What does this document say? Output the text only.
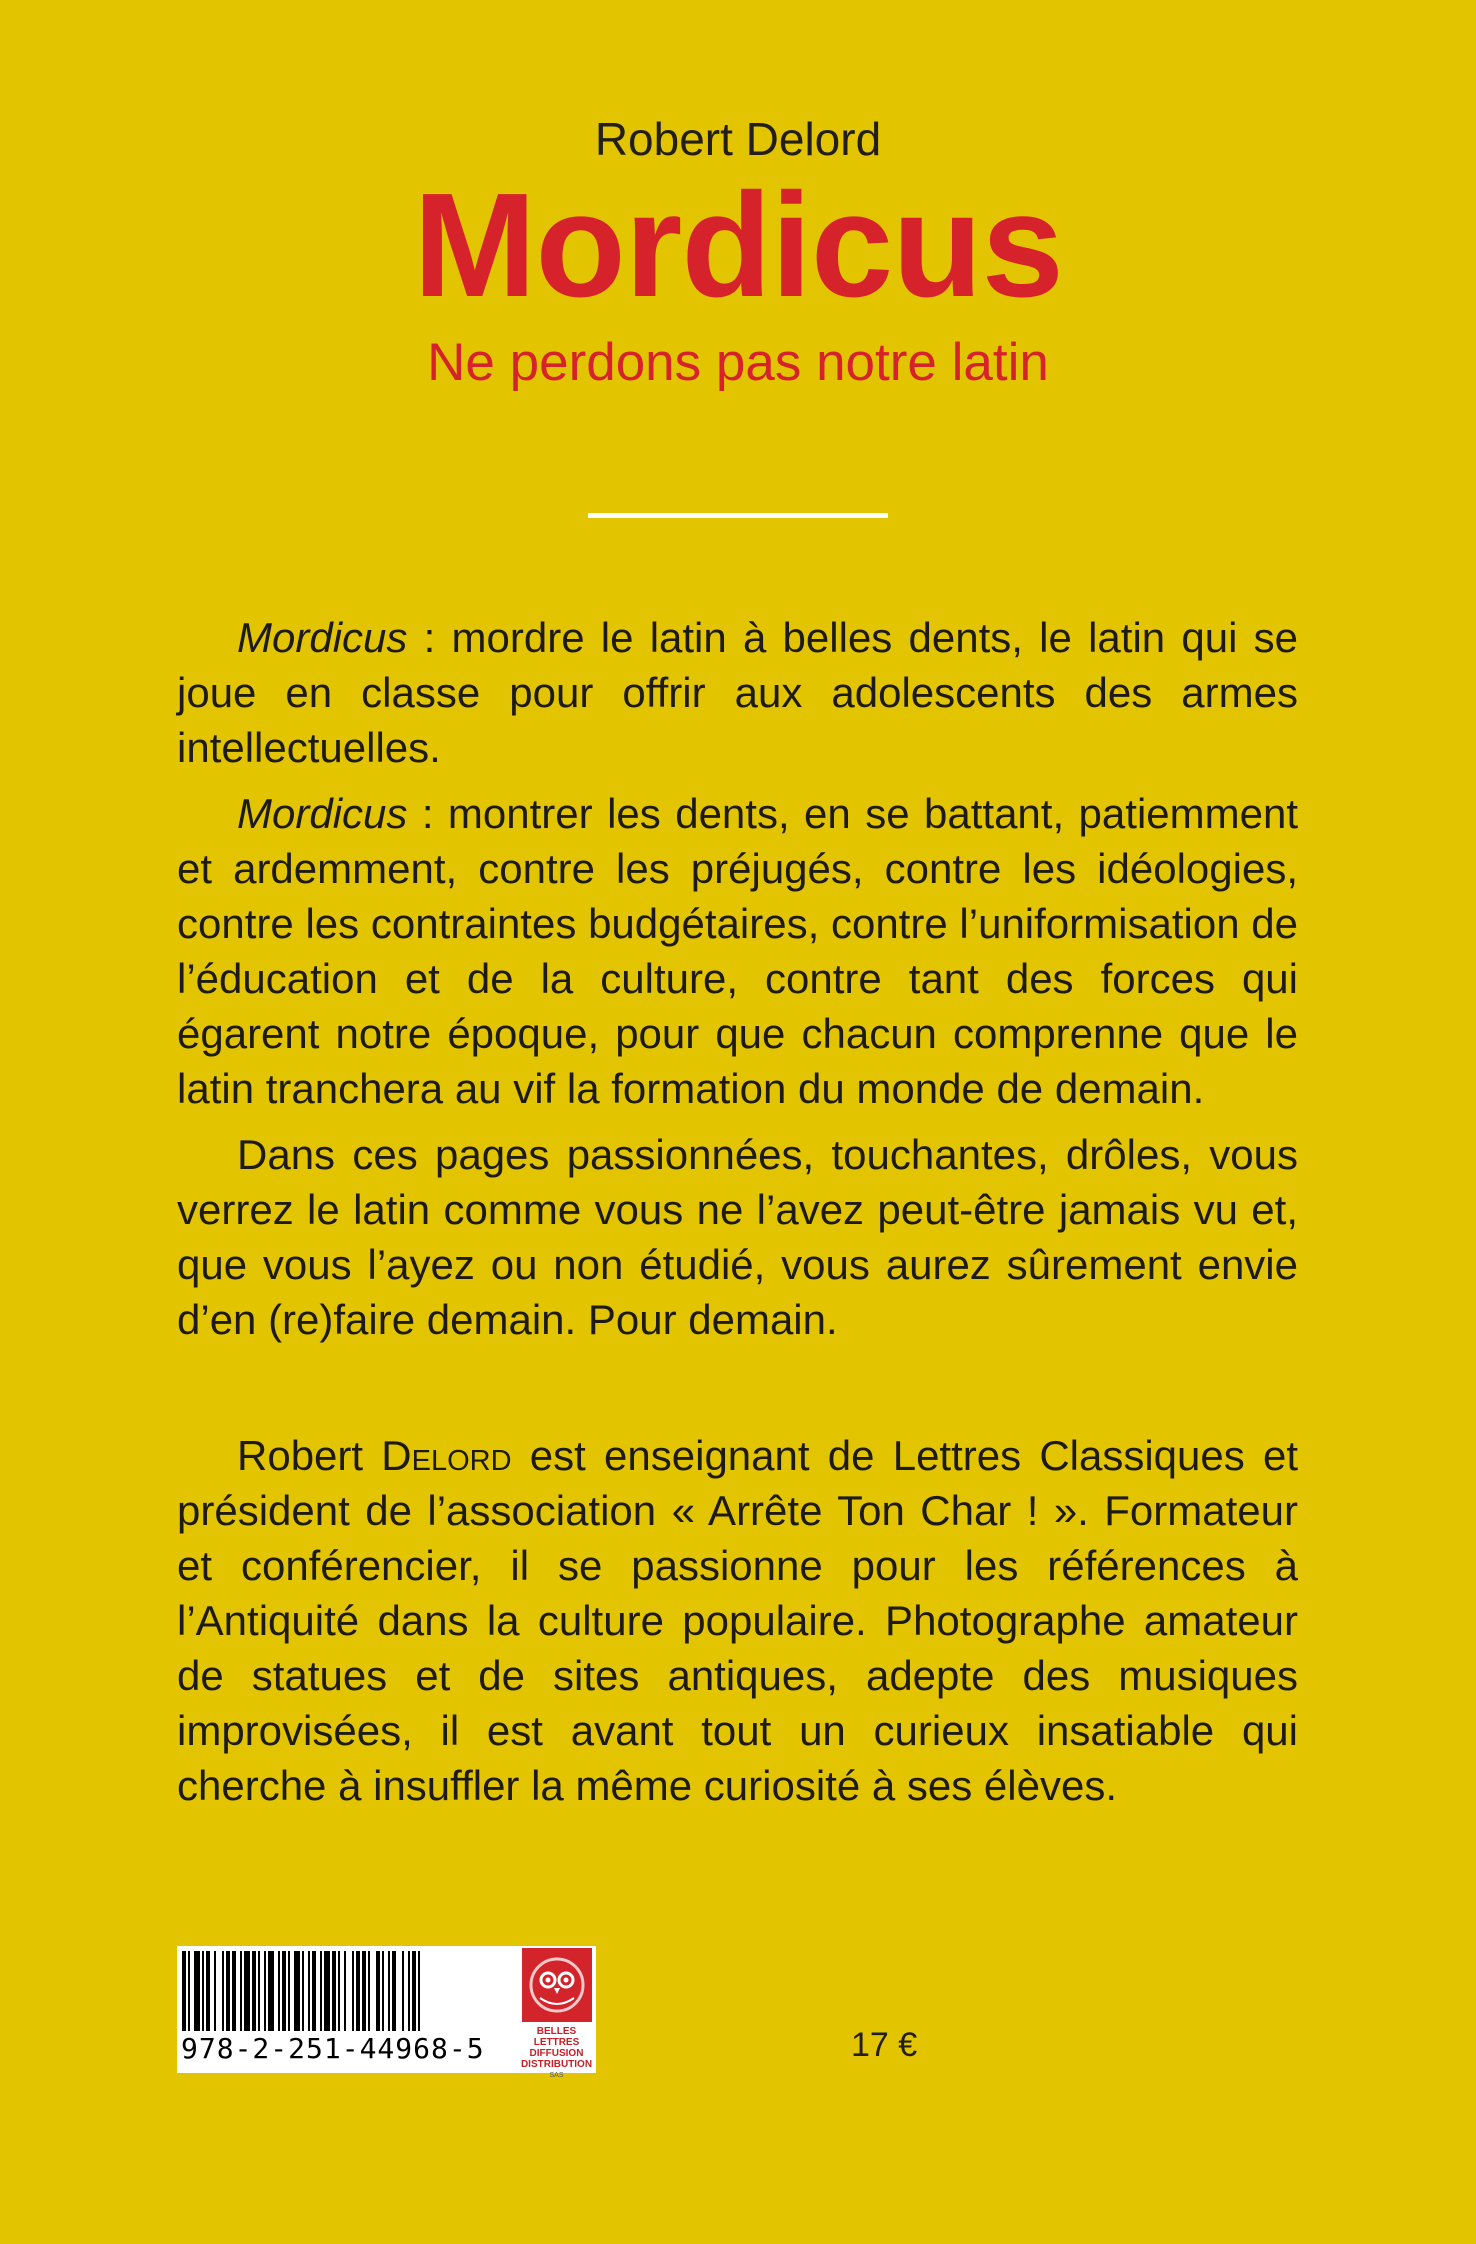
Robert Delord
Mordicus
Ne perdons pas notre latin

Mordicus : mordre le latin à belles dents, le latin qui se joue en classe pour offrir aux adolescents des armes intellectuelles.

Mordicus : montrer les dents, en se battant, patiemment et ardemment, contre les préjugés, contre les idéologies, contre les contraintes budgétaires, contre l’uniformisation de l’éducation et de la culture, contre tant des forces qui égarent notre époque, pour que chacun comprenne que le latin tranchera au vif la formation du monde de demain.

Dans ces pages passionnées, touchantes, drôles, vous verrez le latin comme vous ne l’avez peut-être jamais vu et, que vous l’ayez ou non étudié, vous aurez sûrement envie d’en (re)faire demain. Pour demain.

Robert Delord est enseignant de Lettres Classiques et président de l’association « Arrête Ton Char ! ». Formateur et conférencier, il se passionne pour les références à l’Antiquité dans la culture populaire. Photographe amateur de statues et de sites antiques, adepte des musiques improvisées, il est avant tout un curieux insatiable qui cherche à insuffler la même curiosité à ses élèves.

978-2-251-44968-5
BELLES LETTRES
DIFFUSION
DISTRIBUTION
SAS
17 €
